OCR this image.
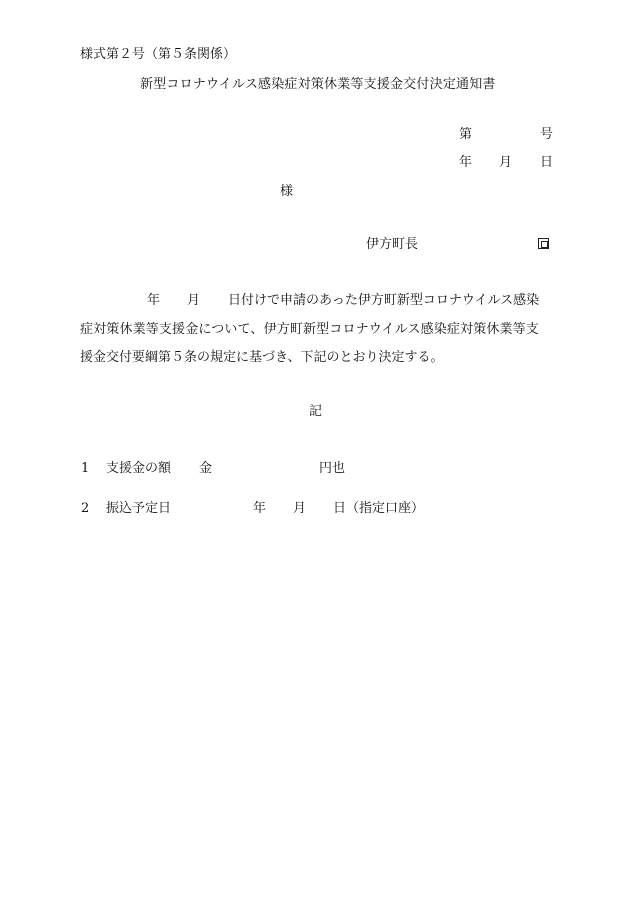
様式第２号（第５条関係）
新型コロナウイルス感染症対策休業等支援金交付決定通知書
第	号
年 月 日
様
伊方町長
年 月 日付けで申請のあった伊方町新型コロナウイルス感染
症対策休業等支援金について、伊方町新型コロナウイルス感染症対策休業等支
援金交付要綱第５条の規定に基づき、下記のとおり決定する。
記
1 支援金の額 金	円也
2 振込予定日	年 月 日（指定口座）
